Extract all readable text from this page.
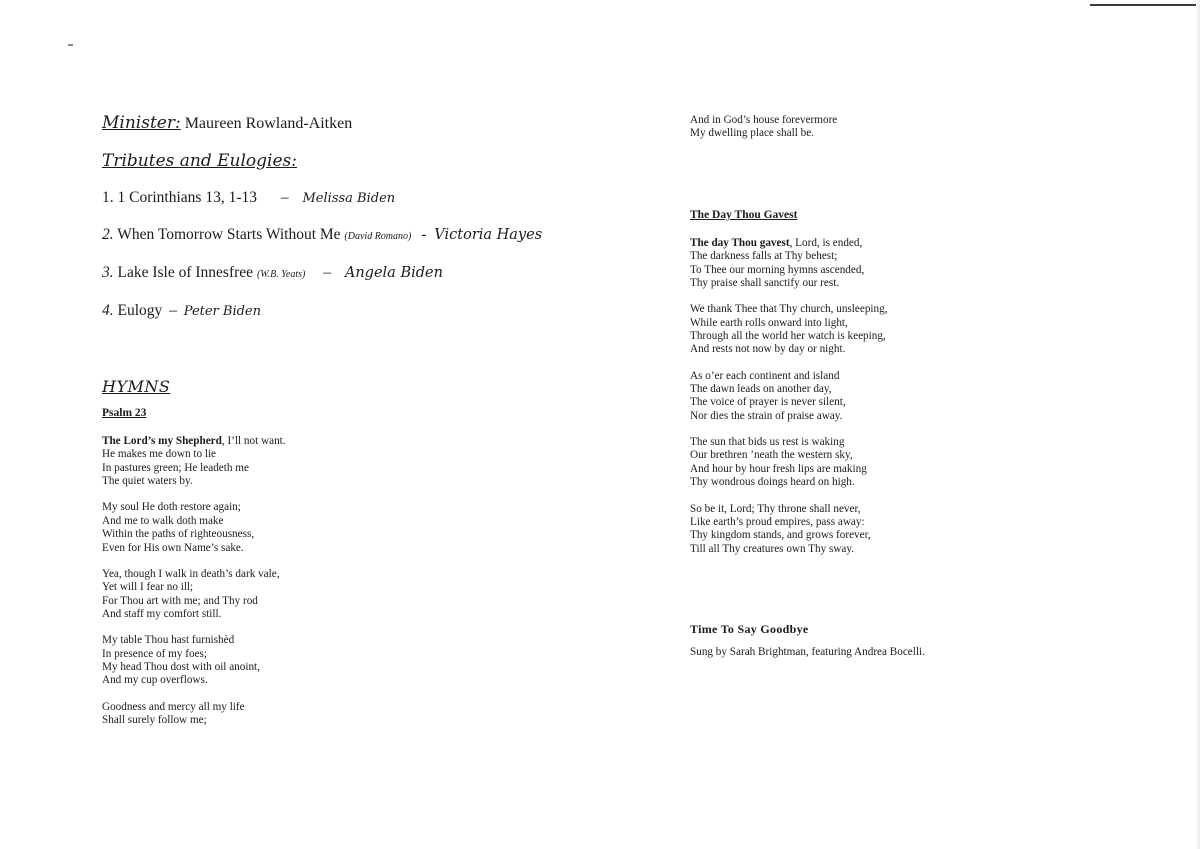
Minister: Maureen Rowland-Aitken
Tributes and Eulogies:
1. 1 Corinthians 13, 1-13 – Melissa Biden
2. When Tomorrow Starts Without Me (David Romano) - Victoria Hayes
3. Lake Isle of Innesfree (W.B. Yeats) – Angela Biden
4. Eulogy – Peter Biden
HYMNS
Psalm 23
The Lord’s my Shepherd, I’ll not want.
He makes me down to lie
In pastures green; He leadeth me
The quiet waters by.
My soul He doth restore again;
And me to walk doth make
Within the paths of righteousness,
Even for His own Name’s sake.
Yea, though I walk in death’s dark vale,
Yet will I fear no ill;
For Thou art with me; and Thy rod
And staff my comfort still.
My table Thou hast furnishèd
In presence of my foes;
My head Thou dost with oil anoint,
And my cup overflows.
Goodness and mercy all my life
Shall surely follow me;
And in God’s house forevermore
My dwelling place shall be.
The Day Thou Gavest
The day Thou gavest, Lord, is ended,
The darkness falls at Thy behest;
To Thee our morning hymns ascended,
Thy praise shall sanctify our rest.
We thank Thee that Thy church, unsleeping,
While earth rolls onward into light,
Through all the world her watch is keeping,
And rests not now by day or night.
As o’er each continent and island
The dawn leads on another day,
The voice of prayer is never silent,
Nor dies the strain of praise away.
The sun that bids us rest is waking
Our brethren ’neath the western sky,
And hour by hour fresh lips are making
Thy wondrous doings heard on high.
So be it, Lord; Thy throne shall never,
Like earth’s proud empires, pass away:
Thy kingdom stands, and grows forever,
Till all Thy creatures own Thy sway.
Time To Say Goodbye
Sung by Sarah Brightman, featuring Andrea Bocelli.
